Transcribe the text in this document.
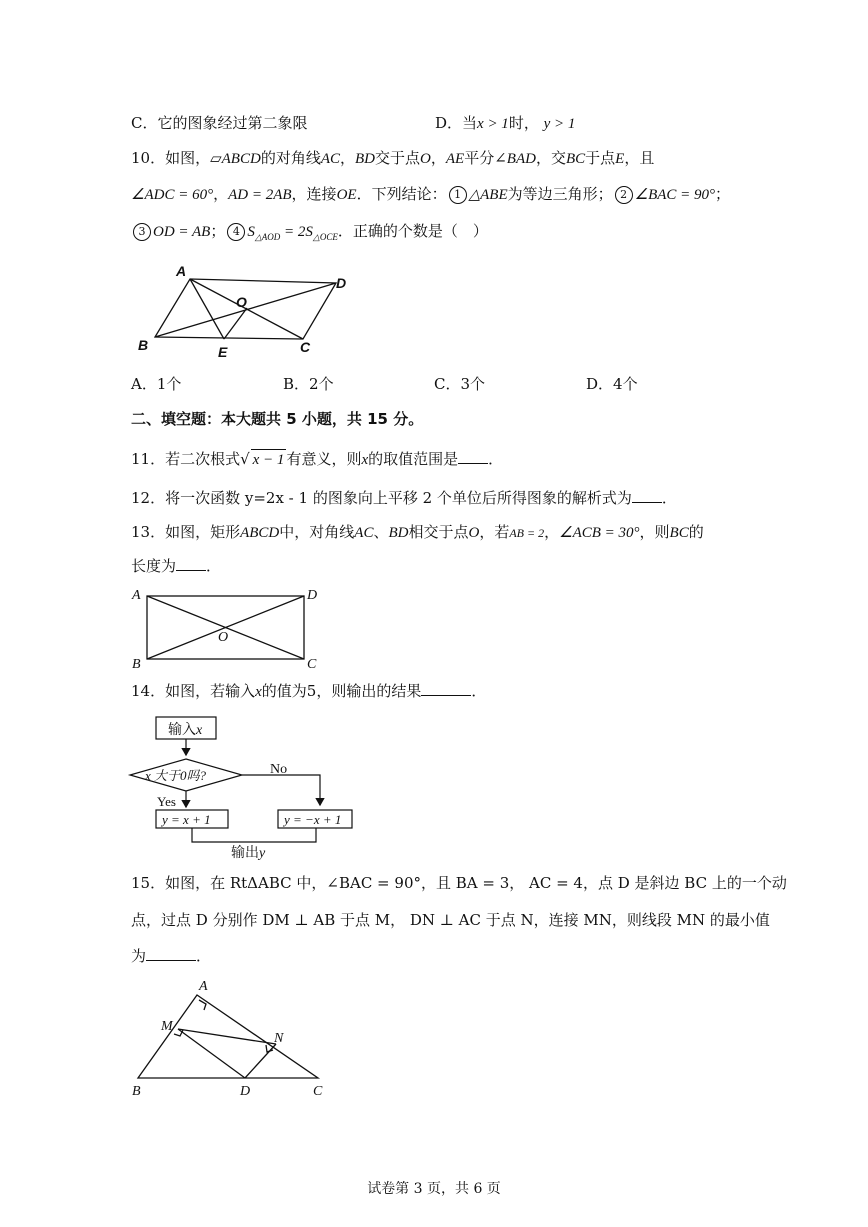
C．它的图象经过第二象限	D．当x > 1时， y > 1
10．如图，▱ABCD的对角线AC，BD交于点O，AE平分∠BAD，交BC于点E，且
∠ADC = 60°，AD = 2AB，连接OE．下列结论： 1 △ABE为等边三角形； 2 ∠BAC = 90°；
3 OD = AB； 4 $S_{\triangle AOD} = 2S_{\triangle OCE}$．正确的个数是（　）
A
D
B	C
O
E
A．1个	B．2个	C．3个	D．4个
二、填空题：本大题共 5 小题，共 15 分。
11．若二次根式√ x − 1 有意义，则x的取值范围是 ．
12．将一次函数 y=2x - 1 的图象向上平移 2 个单位后所得图象的解析式为 ．
13．如图，矩形ABCD中，对角线AC、BD相交于点O，若AB = 2，∠ACB = 30°，则BC的
长度为 ．
A	D
B	C
O
14．如图，若输入x的值为5，则输出的结果	．
输入x
x 大于0吗?	No
Yes
y = x + 1	y = −x + 1
输出y
15．如图，在 RtΔABC 中，∠BAC = 90°，且 BA = 3， AC = 4，点 D 是斜边 BC 上的一个动
点，过点 D 分别作 DM ⊥ AB 于点 M， DN ⊥ AC 于点 N，连接 MN，则线段 MN 的最小值
为	．
A
M
N
B	D	C
试卷第 3 页，共 6 页
